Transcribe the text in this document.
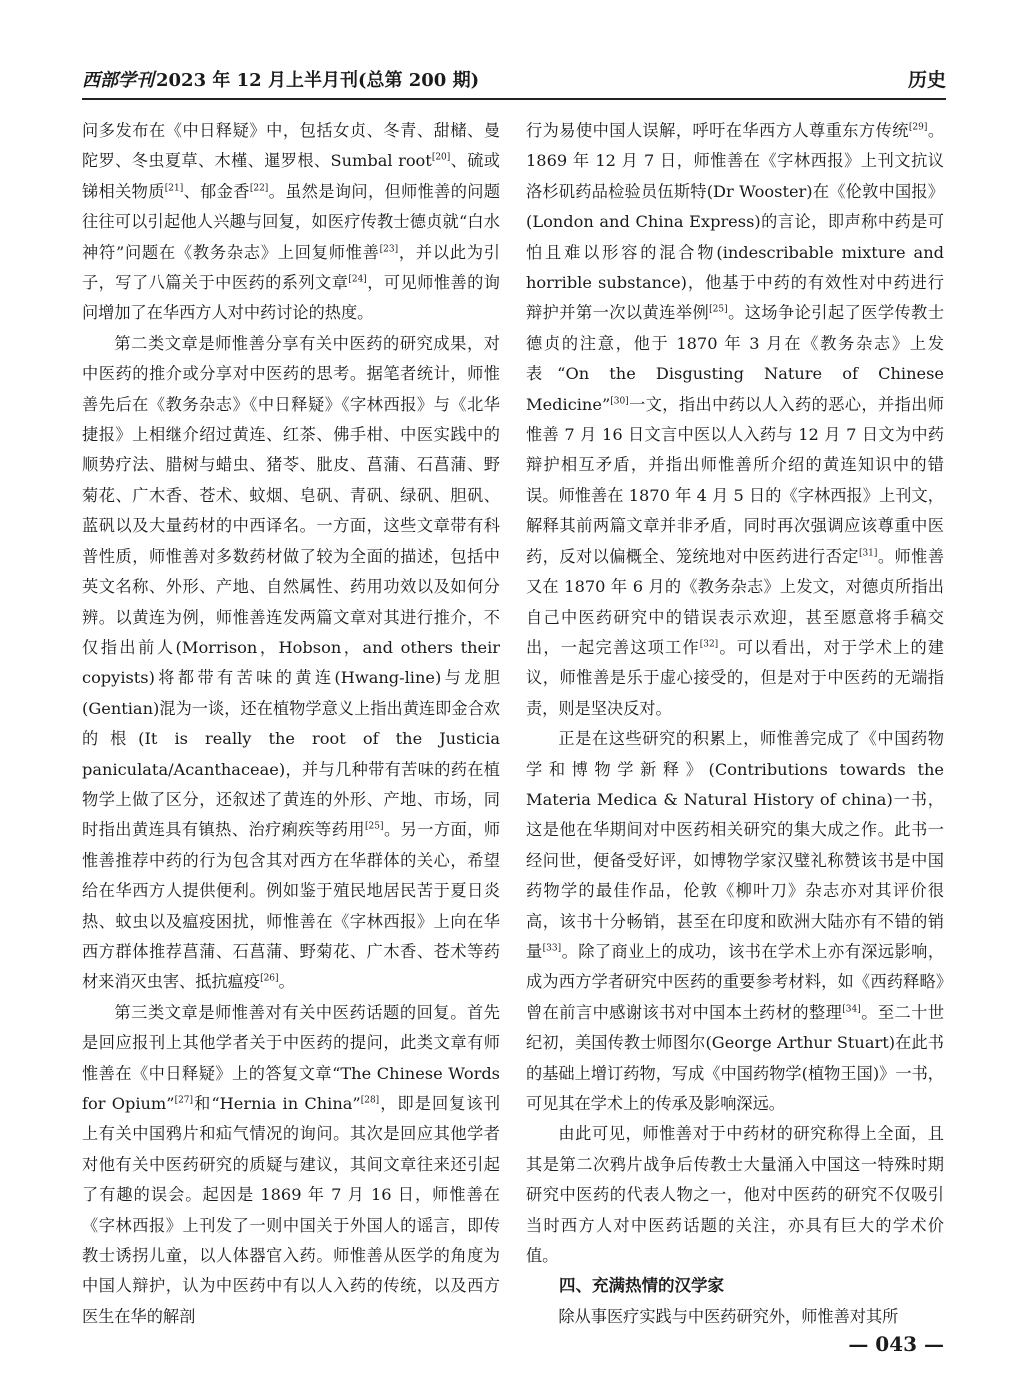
西部学刊 2023 年 12 月上半月刊(总第 200 期)	历史

问多发布在《中日释疑》中，包括女贞、冬青、甜槠、曼陀罗、冬虫夏草、木槿、暹罗根、Sumbal root[20]、硫或锑相关物质[21]、郁金香[22]。虽然是询问，但师惟善的问题往往可以引起他人兴趣与回复，如医疗传教士德贞就“白水神符”问题在《教务杂志》上回复师惟善[23]，并以此为引子，写了八篇关于中医药的系列文章[24]，可见师惟善的询问增加了在华西方人对中药讨论的热度。

第二类文章是师惟善分享有关中医药的研究成果，对中医药的推介或分享对中医药的思考。据笔者统计，师惟善先后在《教务杂志》《中日释疑》《字林西报》与《北华捷报》上相继介绍过黄连、红茶、佛手柑、中医实践中的顺势疗法、腊树与蜡虫、猪苓、肶皮、菖蒲、石菖蒲、野菊花、广木香、苍术、蚊烟、皂矾、青矾、绿矾、胆矾、蓝矾以及大量药材的中西译名。一方面，这些文章带有科普性质，师惟善对多数药材做了较为全面的描述，包括中英文名称、外形、产地、自然属性、药用功效以及如何分辨。以黄连为例，师惟善连发两篇文章对其进行推介，不仅指出前人(Morrison，Hobson，and others their copyists)将都带有苦味的黄连(Hwang-line)与龙胆(Gentian)混为一谈，还在植物学意义上指出黄连即金合欢的根(It is really the root of the Justicia paniculata/Acanthaceae)，并与几种带有苦味的药在植物学上做了区分，还叙述了黄连的外形、产地、市场，同时指出黄连具有镇热、治疗痢疾等药用[25]。另一方面，师惟善推荐中药的行为包含其对西方在华群体的关心，希望给在华西方人提供便利。例如鉴于殖民地居民苦于夏日炎热、蚊虫以及瘟疫困扰，师惟善在《字林西报》上向在华西方群体推荐菖蒲、石菖蒲、野菊花、广木香、苍术等药材来消灭虫害、抵抗瘟疫[26]。

第三类文章是师惟善对有关中医药话题的回复。首先是回应报刊上其他学者关于中医药的提问，此类文章有师惟善在《中日释疑》上的答复文章“The Chinese Words for Opium”[27]和“Hernia in China”[28]，即是回复该刊上有关中国鸦片和疝气情况的询问。其次是回应其他学者对他有关中医药研究的质疑与建议，其间文章往来还引起了有趣的误会。起因是 1869 年 7 月 16 日，师惟善在《字林西报》上刊发了一则中国关于外国人的谣言，即传教士诱拐儿童，以人体器官入药。师惟善从医学的角度为中国人辩护，认为中医药中有以人入药的传统，以及西方医生在华的解剖

行为易使中国人误解，呼吁在华西方人尊重东方传统[29]。1869 年 12 月 7 日，师惟善在《字林西报》上刊文抗议洛杉矶药品检验员伍斯特(Dr Wooster)在《伦敦中国报》(London and China Express)的言论，即声称中药是可怕且难以形容的混合物(indescribable mixture and horrible substance)，他基于中药的有效性对中药进行辩护并第一次以黄连举例[25]。这场争论引起了医学传教士德贞的注意，他于 1870 年 3 月在《教务杂志》上发表“On the Disgusting Nature of Chinese Medicine”[30]一文，指出中药以人入药的恶心，并指出师惟善 7 月 16 日文言中医以人入药与 12 月 7 日文为中药辩护相互矛盾，并指出师惟善所介绍的黄连知识中的错误。师惟善在 1870 年 4 月 5 日的《字林西报》上刊文，解释其前两篇文章并非矛盾，同时再次强调应该尊重中医药，反对以偏概全、笼统地对中医药进行否定[31]。师惟善又在 1870 年 6 月的《教务杂志》上发文，对德贞所指出自己中医药研究中的错误表示欢迎，甚至愿意将手稿交出，一起完善这项工作[32]。可以看出，对于学术上的建议，师惟善是乐于虚心接受的，但是对于中医药的无端指责，则是坚决反对。

正是在这些研究的积累上，师惟善完成了《中国药物学和博物学新释》(Contributions towards the Materia Medica & Natural History of china)一书，这是他在华期间对中医药相关研究的集大成之作。此书一经问世，便备受好评，如博物学家汉璧礼称赞该书是中国药物学的最佳作品，伦敦《柳叶刀》杂志亦对其评价很高，该书十分畅销，甚至在印度和欧洲大陆亦有不错的销量[33]。除了商业上的成功，该书在学术上亦有深远影响，成为西方学者研究中医药的重要参考材料，如《西药释略》曾在前言中感谢该书对中国本土药材的整理[34]。至二十世纪初，美国传教士师图尔(George Arthur Stuart)在此书的基础上增订药物，写成《中国药物学(植物王国)》一书，可见其在学术上的传承及影响深远。

由此可见，师惟善对于中药材的研究称得上全面，且其是第二次鸦片战争后传教士大量涌入中国这一特殊时期研究中医药的代表人物之一，他对中医药的研究不仅吸引当时西方人对中医药话题的关注，亦具有巨大的学术价值。

四、充满热情的汉学家

除从事医疗实践与中医药研究外，师惟善对其所

— 043 —
